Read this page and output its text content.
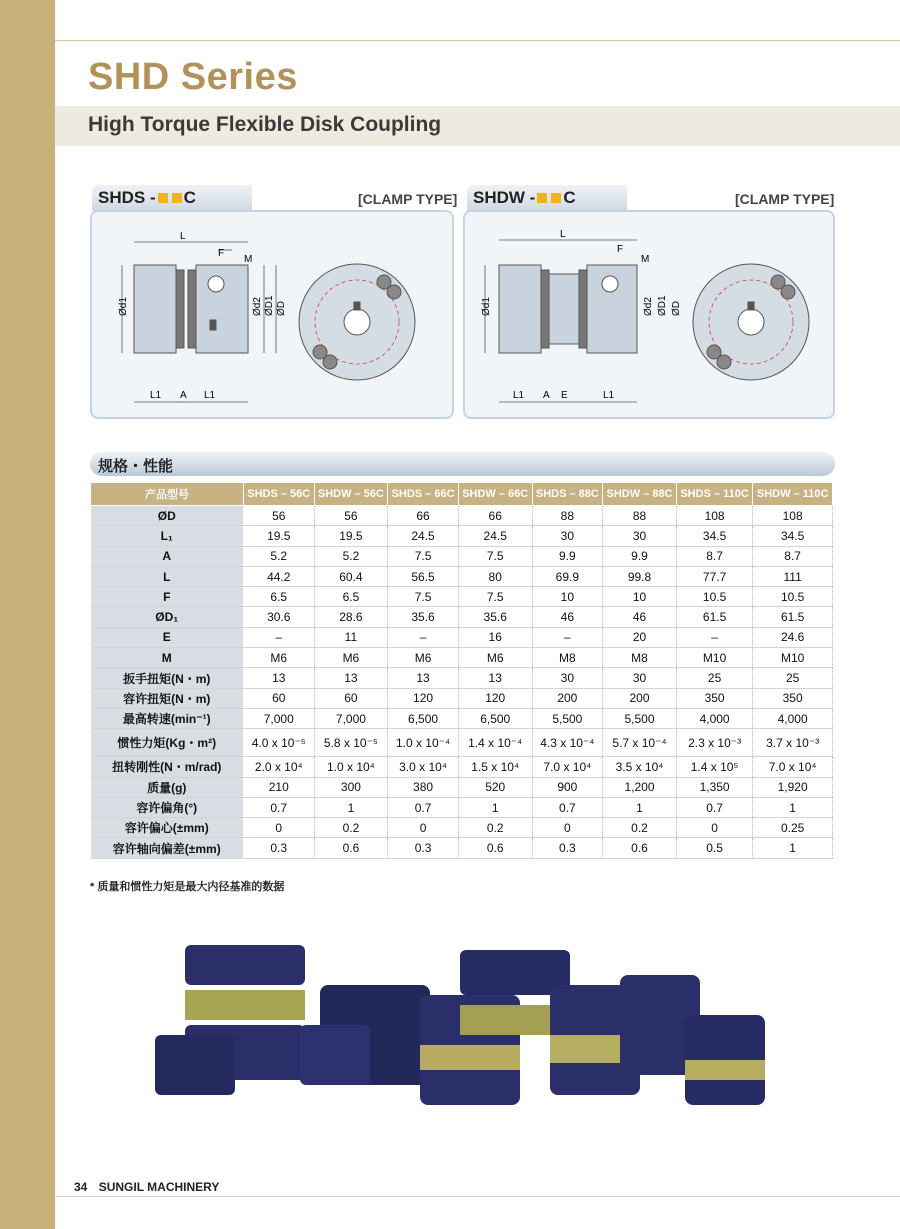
SHD Series
High Torque Flexible Disk Coupling
SHDS - C	[CLAMP TYPE] SHDW - C	[CLAMP TYPE]
L
F
M
Ød1	Ød2 ØD1 ØD
L1 A L1
L
F
M
Ød1	Ød2 ØD1 ØD
L1 A E	L1
规格・性能
产品型号	SHDS – 56C	SHDW – 56C	SHDS – 66C	SHDW – 66C	SHDS – 88C	SHDW – 88C	SHDS – 110C	SHDW – 110C
ØD	56	56	66	66	88	88	108	108
L₁	19.5	19.5	24.5	24.5	30	30	34.5	34.5
A	5.2	5.2	7.5	7.5	9.9	9.9	8.7	8.7
L	44.2	60.4	56.5	80	69.9	99.8	77.7	111
F	6.5	6.5	7.5	7.5	10	10	10.5	10.5
ØD₁	30.6	28.6	35.6	35.6	46	46	61.5	61.5
E	–	11	–	16	–	20	–	24.6
M	M6	M6	M6	M6	M8	M8	M10	M10
扳手扭矩(N・m)	13	13	13	13	30	30	25	25
容许扭矩(N・m)	60	60	120	120	200	200	350	350
最高转速(min⁻¹)	7,000	7,000	6,500	6,500	5,500	5,500	4,000	4,000
惯性力矩(Kg・m²)	4.0 x 10⁻⁵	5.8 x 10⁻⁵	1.0 x 10⁻⁴	1.4 x 10⁻⁴	4.3 x 10⁻⁴	5.7 x 10⁻⁴	2.3 x 10⁻³	3.7 x 10⁻³
扭转刚性(N・m/rad)	2.0 x 10⁴	1.0 x 10⁴	3.0 x 10⁴	1.5 x 10⁴	7.0 x 10⁴	3.5 x 10⁴	1.4 x 10⁵	7.0 x 10⁴
质量(g)	210	300	380	520	900	1,200	1,350	1,920
容许偏角(°)	0.7	1	0.7	1	0.7	1	0.7	1
容许偏心(±mm)	0	0.2	0	0.2	0	0.2	0	0.25
容许轴向偏差(±mm)	0.3	0.6	0.3	0.6	0.3	0.6	0.5	1
* 质量和惯性力矩是最大内径基准的数据
34 SUNGIL MACHINERY
